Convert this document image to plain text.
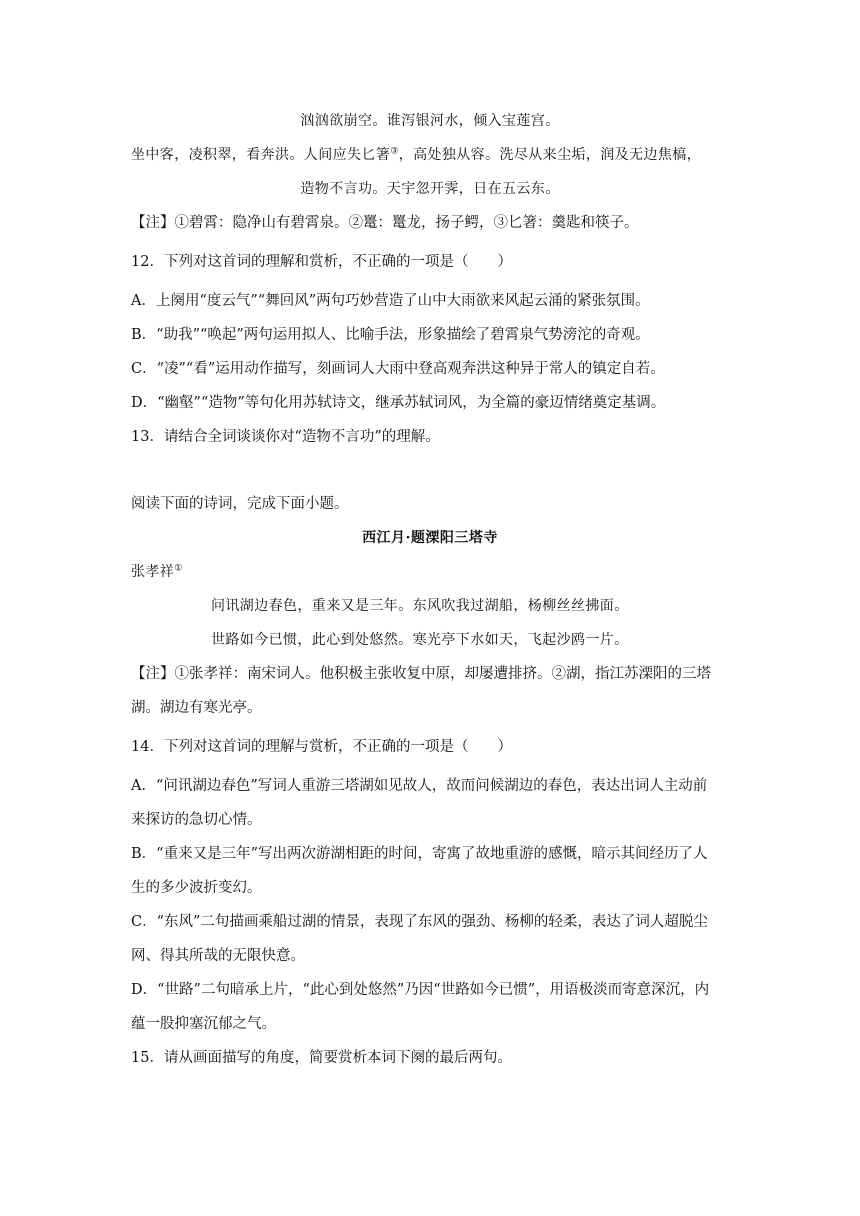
汹汹欲崩空。谁泻银河水，倾入宝莲宫。
坐中客，凌积翠，看奔洪。人间应失匕箸③，高处独从容。洗尽从来尘垢，润及无边焦槁，
造物不言功。天宇忽开霁，日在五云东。
【注】①碧霄：隐净山有碧霄泉。②鼍：鼍龙，扬子鳄，③匕箸：羹匙和筷子。
12．下列对这首词的理解和赏析，不正确的一项是（　　）
A．上阕用“度云气”“舞回风”两句巧妙营造了山中大雨欲来风起云涌的紧张氛围。
B．“助我”“唤起”两句运用拟人、比喻手法，形象描绘了碧霄泉气势滂沱的奇观。
C．“凌”“看”运用动作描写，刻画词人大雨中登高观奔洪这种异于常人的镇定自若。
D．“幽壑”“造物”等句化用苏轼诗文，继承苏轼词风，为全篇的豪迈情绪奠定基调。
13．请结合全词谈谈你对“造物不言功”的理解。
阅读下面的诗词，完成下面小题。
西江月·题溧阳三塔寺
张孝祥①
问讯湖边春色，重来又是三年。东风吹我过湖船，杨柳丝丝拂面。
世路如今已惯，此心到处悠然。寒光亭下水如天，飞起沙鸥一片。
【注】①张孝祥：南宋词人。他积极主张收复中原，却屡遭排挤。②湖，指江苏溧阳的三塔
湖。湖边有寒光亭。
14．下列对这首词的理解与赏析，不正确的一项是（　　）
A．“问讯湖边春色”写词人重游三塔湖如见故人，故而问候湖边的春色，表达出词人主动前
来探访的急切心情。
B．“重来又是三年”写出两次游湖相距的时间，寄寓了故地重游的感慨，暗示其间经历了人
生的多少波折变幻。
C．“东风”二句描画乘船过湖的情景，表现了东风的强劲、杨柳的轻柔，表达了词人超脱尘
网、得其所哉的无限快意。
D．“世路”二句暗承上片，“此心到处悠然”乃因“世路如今已惯”，用语极淡而寄意深沉，内
蕴一股抑塞沉郁之气。
15．请从画面描写的角度，简要赏析本词下阕的最后两句。
